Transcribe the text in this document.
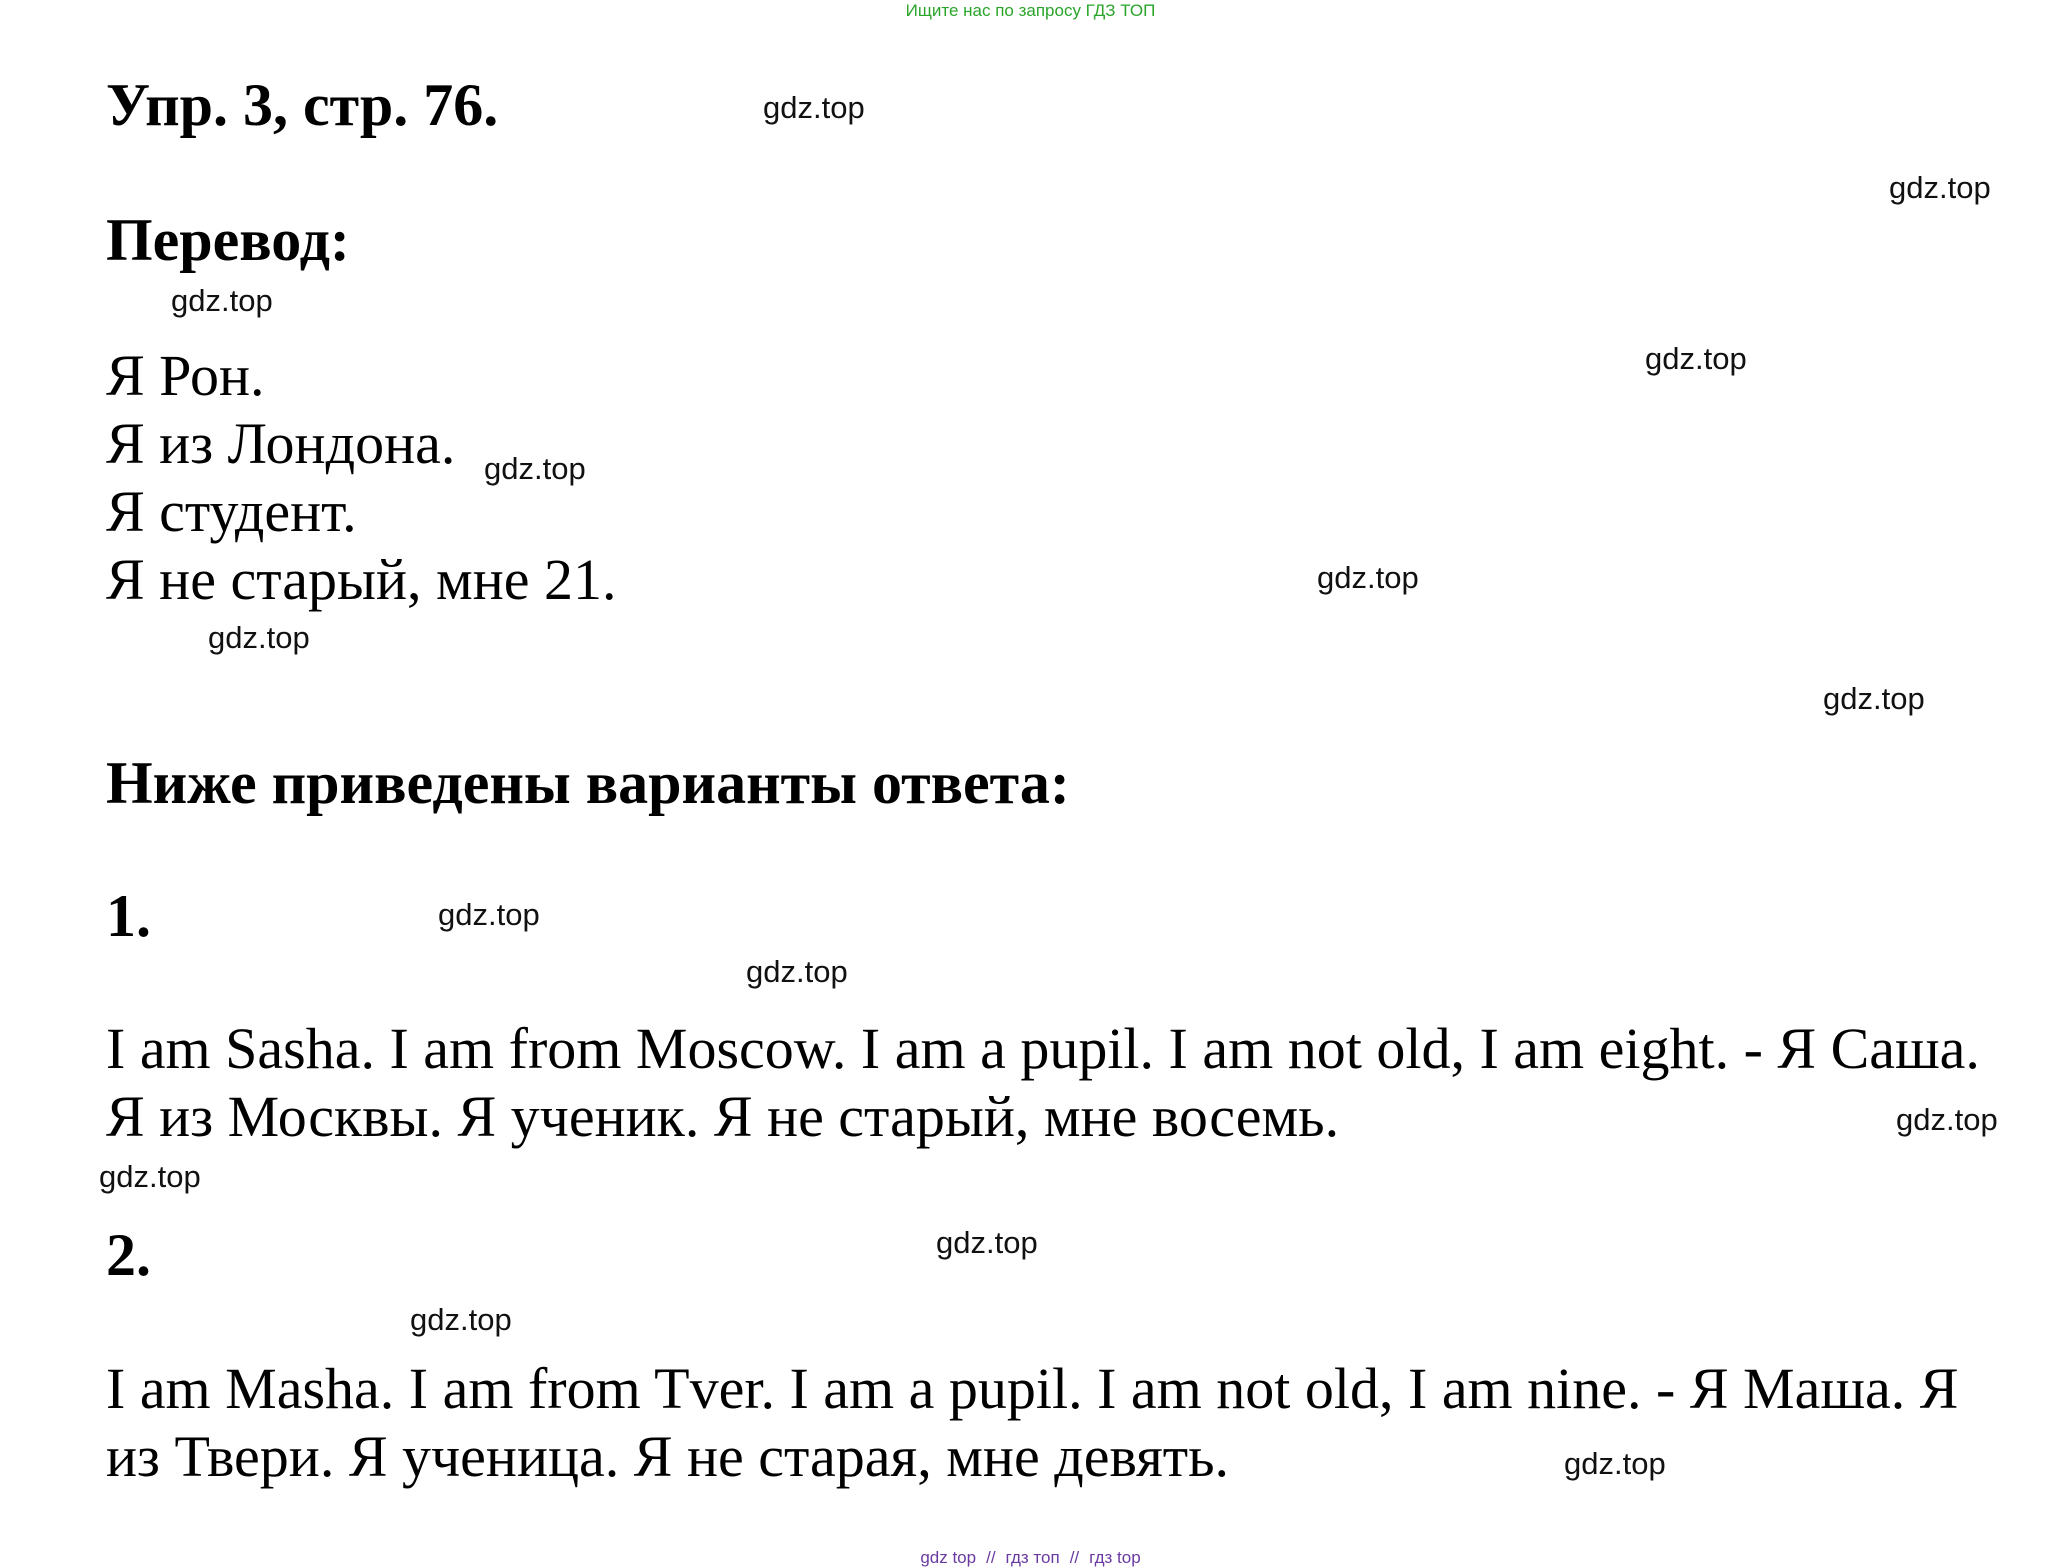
Ищите нас по запросу ГДЗ ТОП
Упр. 3, стр. 76.
Перевод:
Я Рон.
Я из Лондона.
Я студент.
Я не старый, мне 21.
Ниже приведены варианты ответа:
1.

I am Sasha. I am from Moscow. I am a pupil. I am not old, I am eight. - Я Саша. Я из Москвы. Я ученик. Я не старый, мне восемь.

2.

I am Masha. I am from Tver. I am a pupil. I am not old, I am nine. - Я Маша. Я из Твери. Я ученица. Я не старая, мне девять.

gdz.top
gdz.top
gdz.top
gdz.top
gdz.top
gdz.top
gdz.top
gdz.top
gdz.top
gdz.top
gdz.top
gdz.top
gdz.top
gdz.top
gdz.top
gdz top // гдз топ // гдз top
